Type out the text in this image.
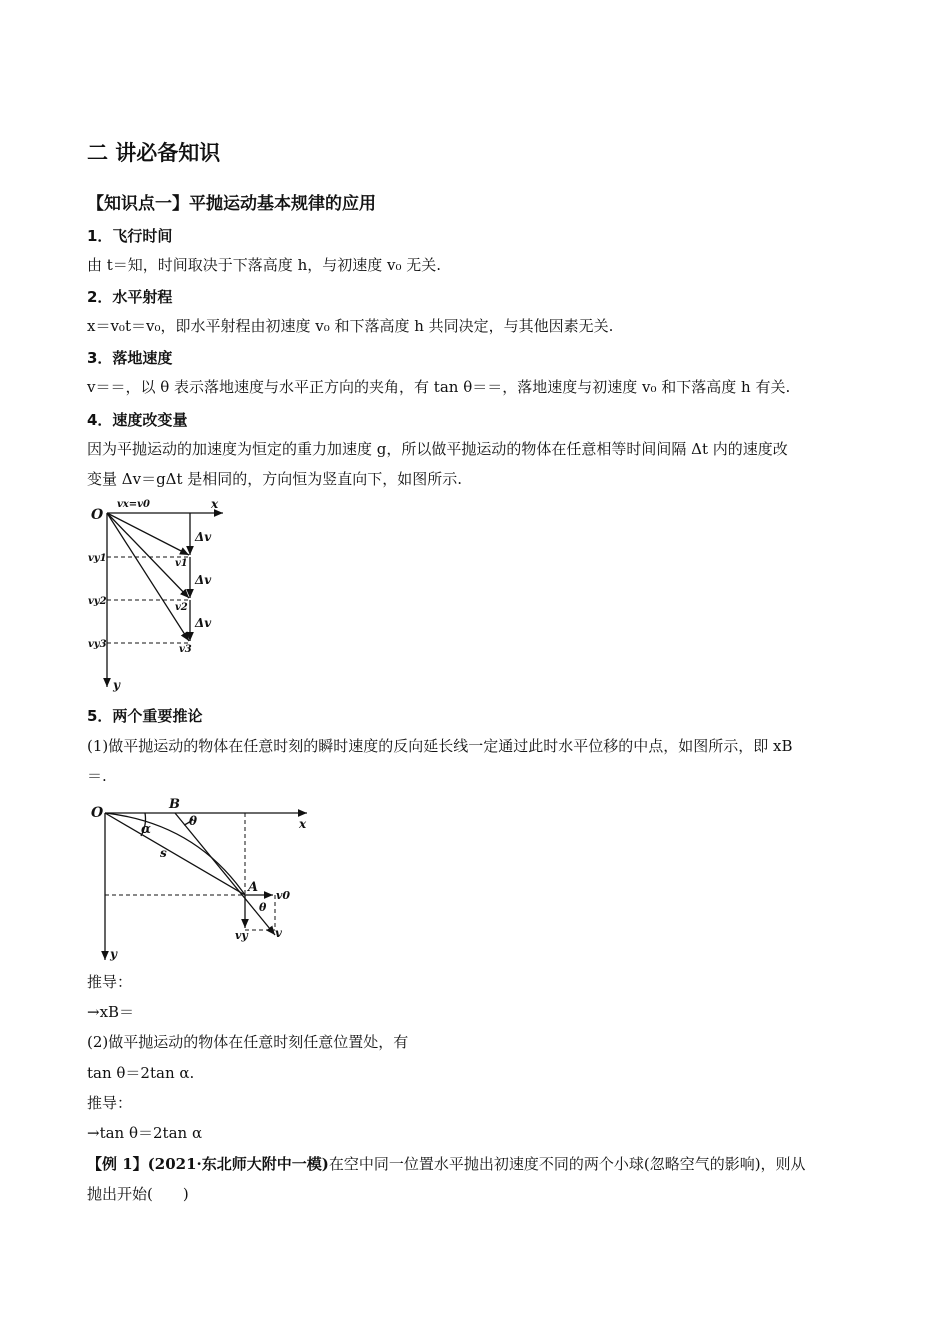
二 讲必备知识
【知识点一】平抛运动基本规律的应用
1．飞行时间
由 t＝知，时间取决于下落高度 h，与初速度 v₀ 无关.
2．水平射程
x＝v₀t＝v₀，即水平射程由初速度 v₀ 和下落高度 h 共同决定，与其他因素无关.
3．落地速度
v＝＝，以 θ 表示落地速度与水平正方向的夹角，有 tan θ＝＝，落地速度与初速度 v₀ 和下落高度 h 有关.
4．速度改变量
因为平抛运动的加速度为恒定的重力加速度 g，所以做平抛运动的物体在任意相等时间间隔 Δt 内的速度改
变量 Δv＝gΔt 是相同的，方向恒为竖直向下，如图所示.
O
vx=v0	x
y
vy1
vy2
vy3
v1
v2
v3
Δv
Δv
Δv
5．两个重要推论
(1)做平抛运动的物体在任意时刻的瞬时速度的反向延长线一定通过此时水平位移的中点，如图所示，即 xB
＝.
O
B
θ	x
α
s
A
v0
θ
vy v
y
推导：
→xB＝
(2)做平抛运动的物体在任意时刻任意位置处，有
tan θ＝2tan α.
推导：
→tan θ＝2tan α
【例 1】(2021·东北师大附中一模)在空中同一位置水平抛出初速度不同的两个小球(忽略空气的影响)，则从
抛出开始(　　)
